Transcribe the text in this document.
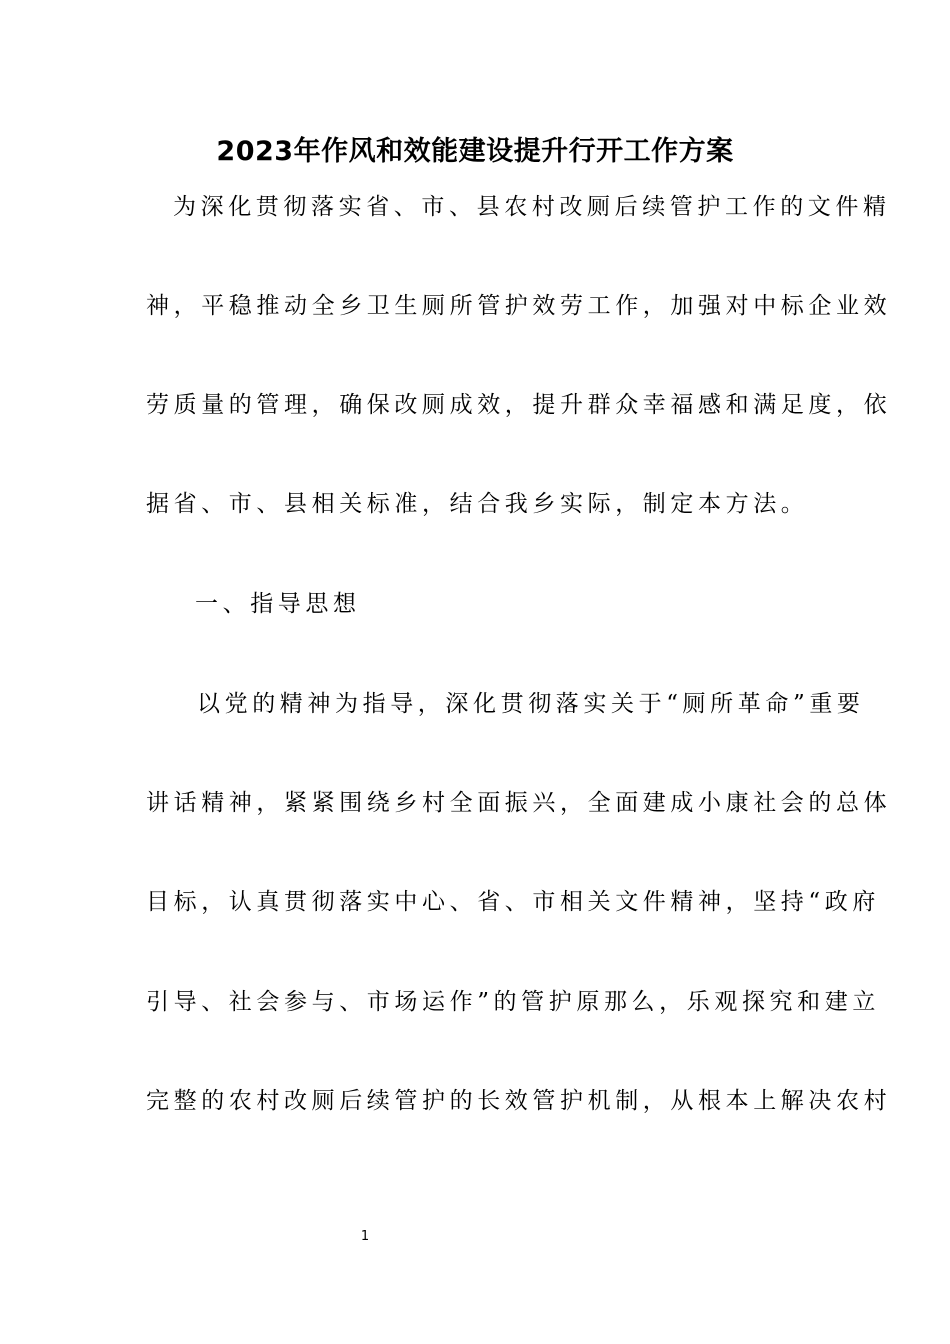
2023年作风和效能建设提升行开工作方案
为深化贯彻落实省、市、县农村改厕后续管护工作的文件精
神，平稳推动全乡卫生厕所管护效劳工作，加强对中标企业效
劳质量的管理，确保改厕成效，提升群众幸福感和满足度，依
据省、市、县相关标准，结合我乡实际，制定本方法。
一、指导思想
以党的精神为指导，深化贯彻落实关于“厕所革命”重要
讲话精神，紧紧围绕乡村全面振兴，全面建成小康社会的总体
目标，认真贯彻落实中心、省、市相关文件精神，坚持“政府
引导、社会参与、市场运作”的管护原那么，乐观探究和建立
完整的农村改厕后续管护的长效管护机制，从根本上解决农村
1
